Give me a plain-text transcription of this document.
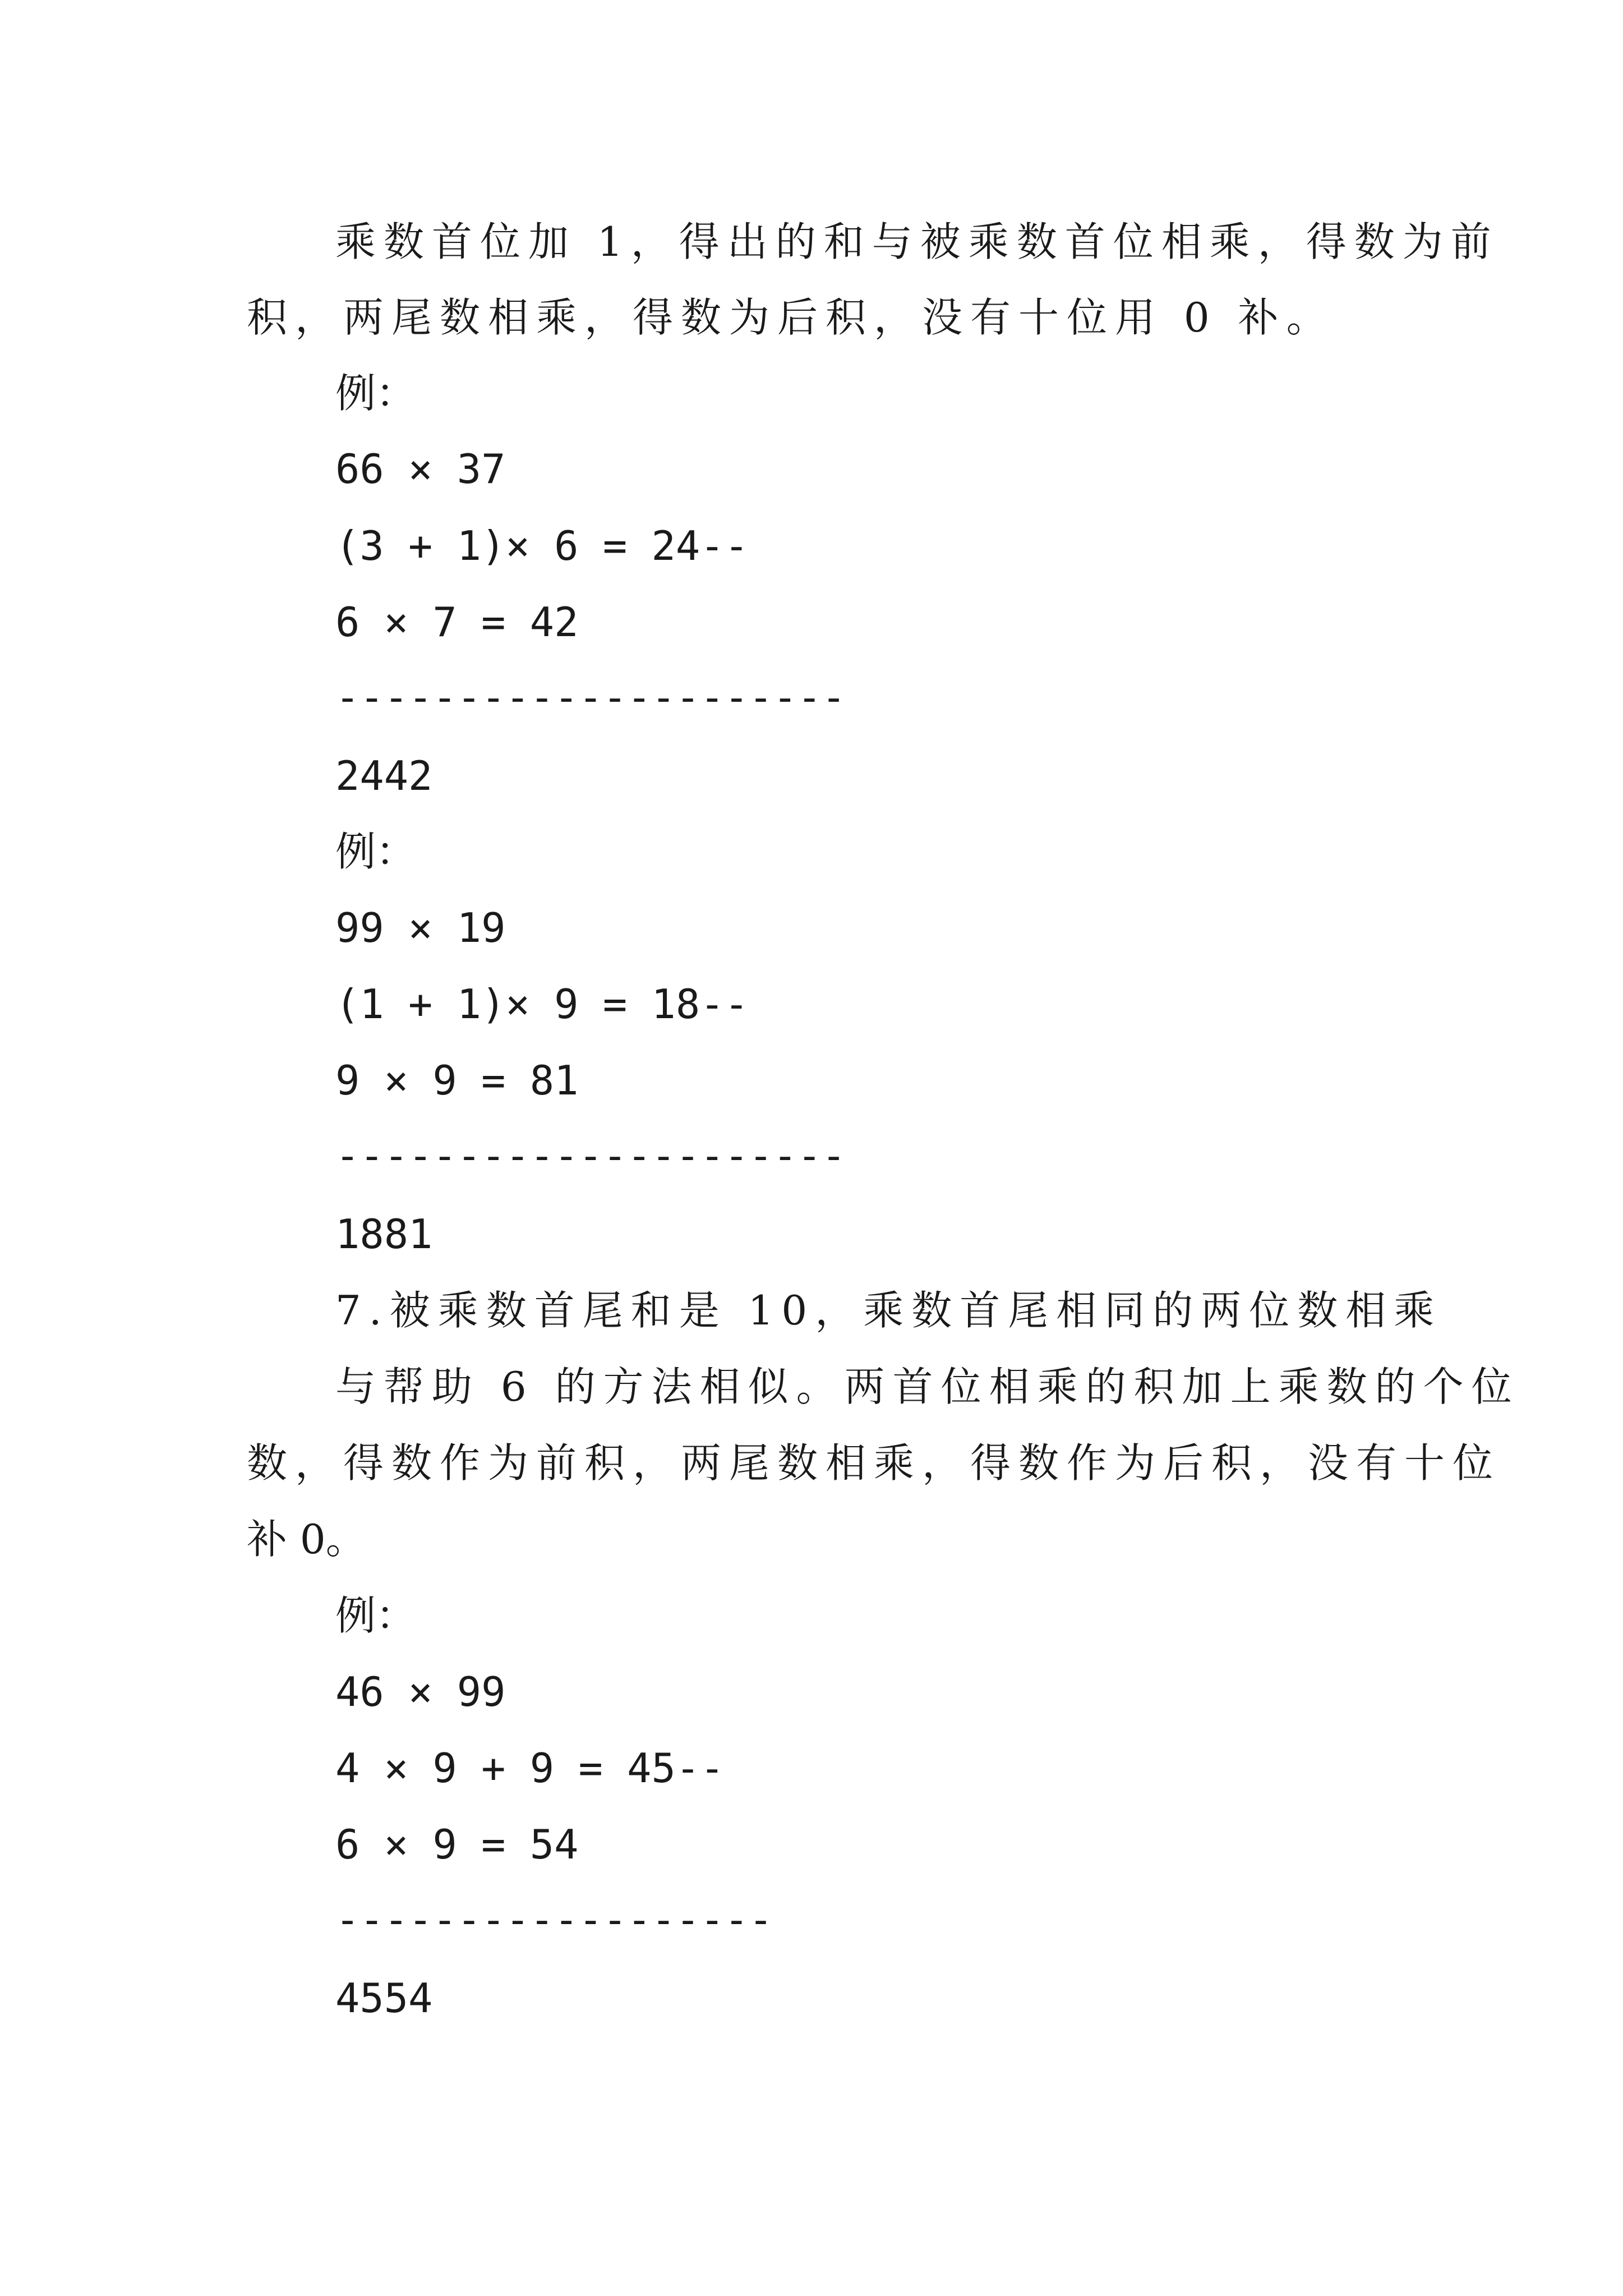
乘数首位加 1，得出的和与被乘数首位相乘，得数为前
积，两尾数相乘，得数为后积，没有十位用 0 补。
例：
66 × 37
(3 + 1)× 6 = 24--
6 × 7 = 42
---------------------
2442
例：
99 × 19
(1 + 1)× 9 = 18--
9 × 9 = 81
---------------------
1881
7.被乘数首尾和是 10，乘数首尾相同的两位数相乘
与帮助 6 的方法相似。两首位相乘的积加上乘数的个位
数，得数作为前积，两尾数相乘，得数作为后积，没有十位
补 0。
例：
46 × 99
4 × 9 + 9 = 45--
6 × 9 = 54
------------------
4554
